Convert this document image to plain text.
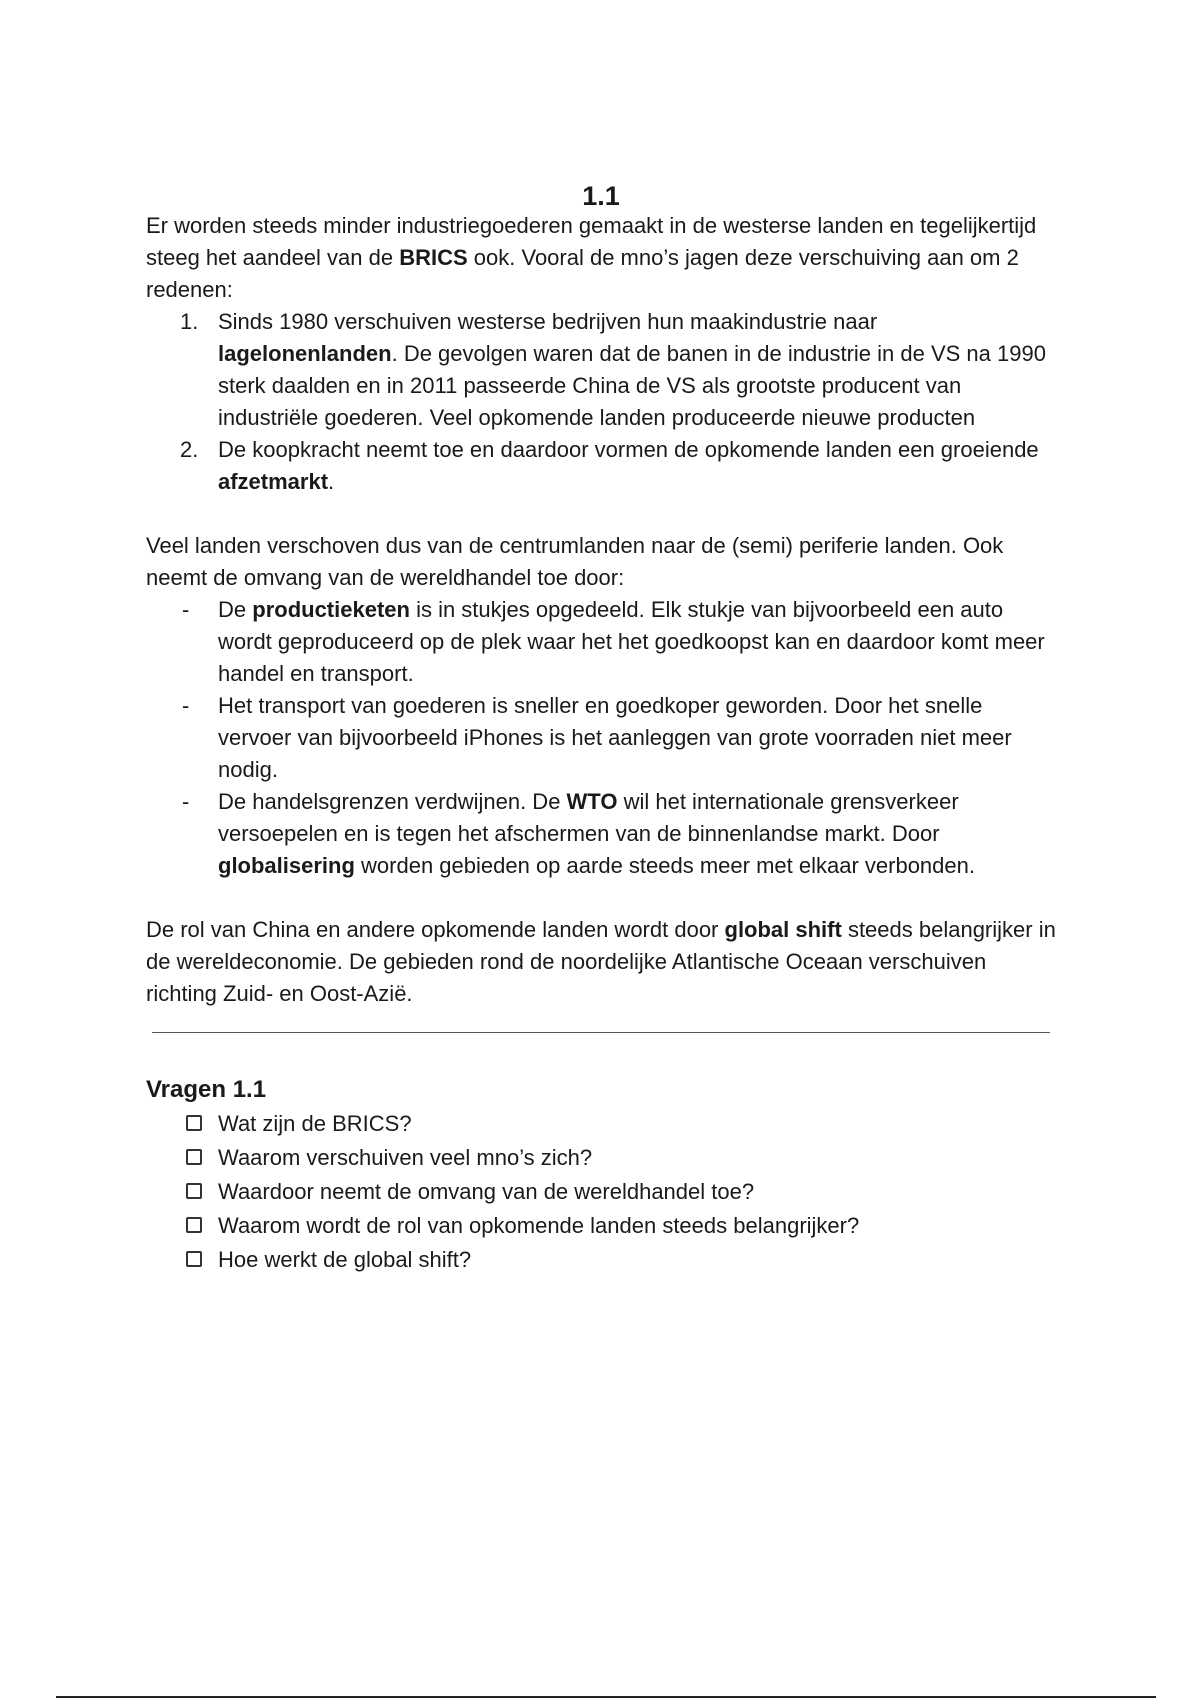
1.1

Er worden steeds minder industriegoederen gemaakt in de westerse landen en tegelijkertijd steeg het aandeel van de BRICS ook. Vooral de mno’s jagen deze verschuiving aan om 2 redenen:

1. Sinds 1980 verschuiven westerse bedrijven hun maakindustrie naar lagelonenlanden. De gevolgen waren dat de banen in de industrie in de VS na 1990 sterk daalden en in 2011 passeerde China de VS als grootste producent van industriële goederen. Veel opkomende landen produceerde nieuwe producten
2. De koopkracht neemt toe en daardoor vormen de opkomende landen een groeiende afzetmarkt.

Veel landen verschoven dus van de centrumlanden naar de (semi) periferie landen. Ook neemt de omvang van de wereldhandel toe door:

- De productieketen is in stukjes opgedeeld. Elk stukje van bijvoorbeeld een auto wordt geproduceerd op de plek waar het het goedkoopst kan en daardoor komt meer handel en transport.
- Het transport van goederen is sneller en goedkoper geworden. Door het snelle vervoer van bijvoorbeeld iPhones is het aanleggen van grote voorraden niet meer nodig.
- De handelsgrenzen verdwijnen. De WTO wil het internationale grensverkeer versoepelen en is tegen het afschermen van de binnenlandse markt. Door globalisering worden gebieden op aarde steeds meer met elkaar verbonden.

De rol van China en andere opkomende landen wordt door global shift steeds belangrijker in de wereldeconomie. De gebieden rond de noordelijke Atlantische Oceaan verschuiven richting Zuid- en Oost-Azië.

Vragen 1.1
Wat zijn de BRICS?
Waarom verschuiven veel mno’s zich?
Waardoor neemt de omvang van de wereldhandel toe?
Waarom wordt de rol van opkomende landen steeds belangrijker?
Hoe werkt de global shift?
